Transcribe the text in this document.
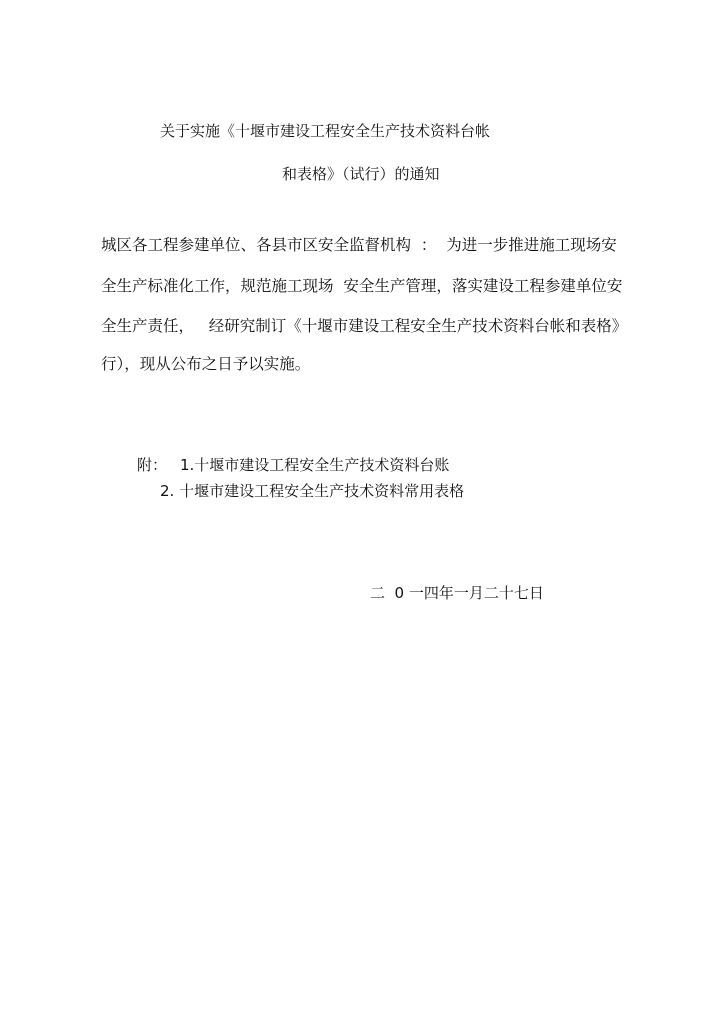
关于实施《十堰市建设工程安全生产技术资料台帐
和表格》（试行）的通知
城区各工程参建单位、各县市区安全监督机构  ：  为进一步推进施工现场安
全生产标准化工作，规范施工现场  安全生产管理，落实建设工程参建单位安
全生产责任，   经研究制订《十堰市建设工程安全生产技术资料台帐和表格》
行），现从公布之日予以实施。
附： 1.十堰市建设工程安全生产技术资料台账
2. 十堰市建设工程安全生产技术资料常用表格
二  0 一四年一月二十七日
